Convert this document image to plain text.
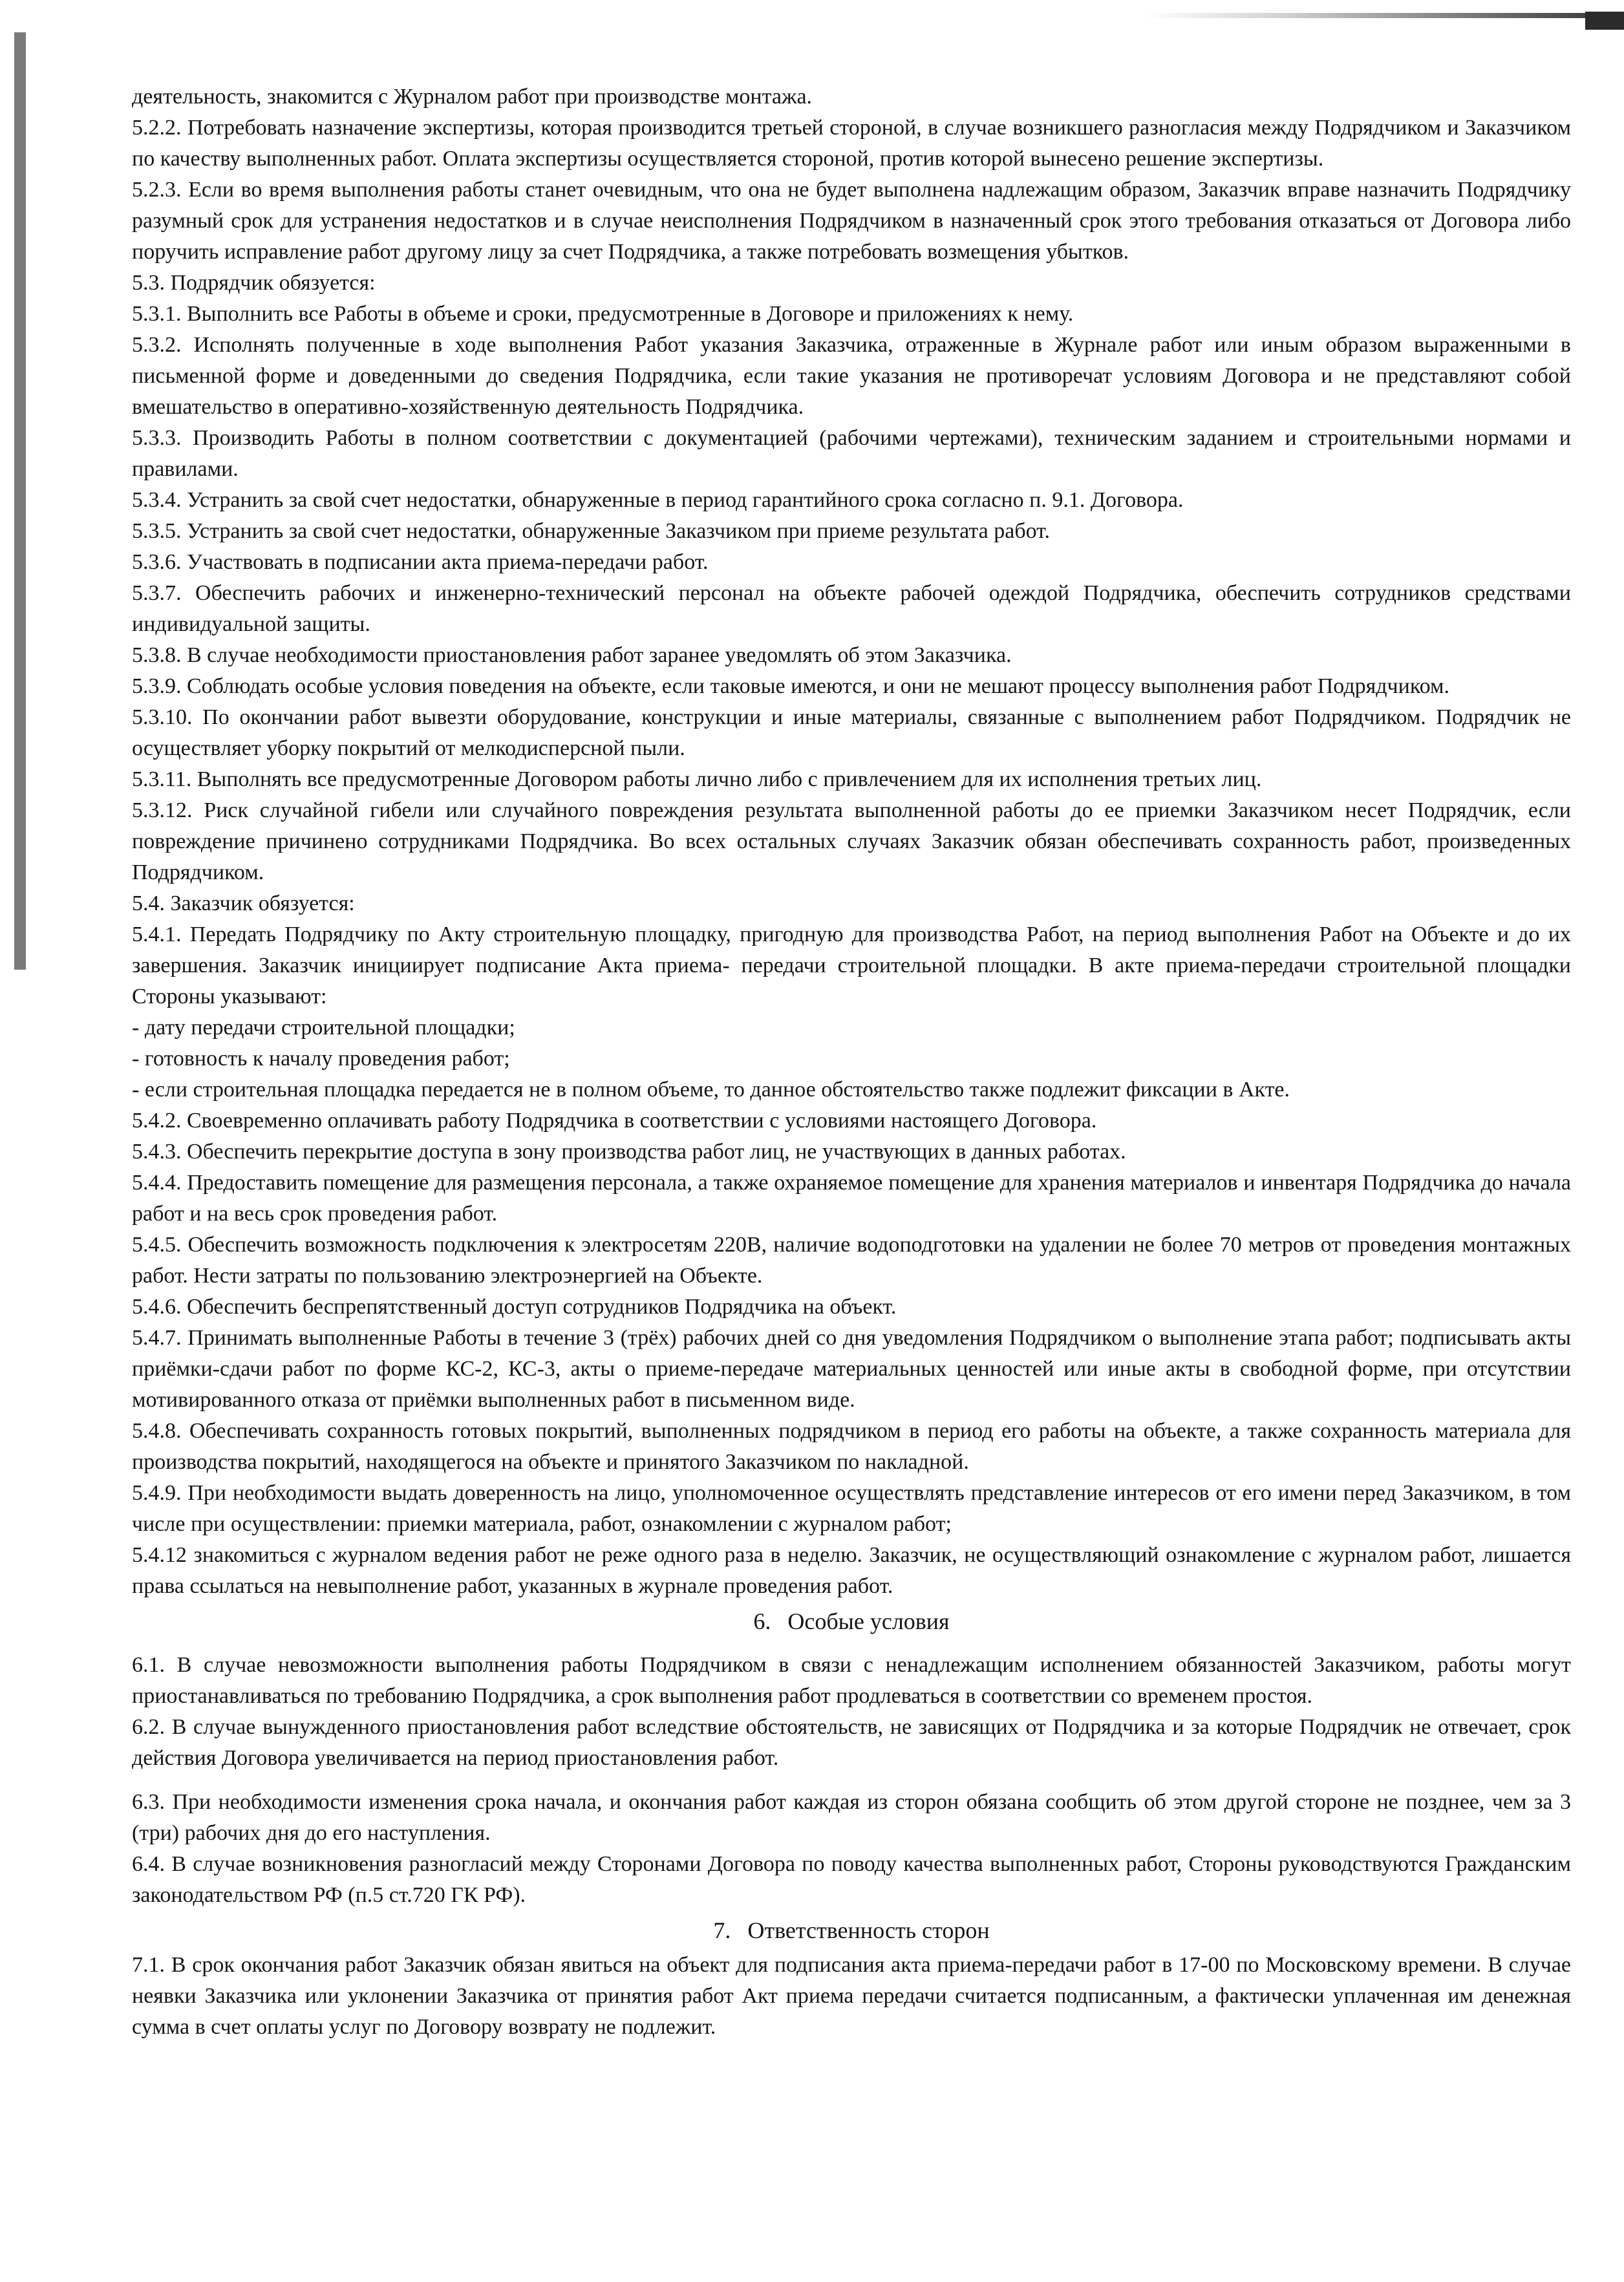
деятельность, знакомится с Журналом работ при производстве монтажа.

5.2.2. Потребовать назначение экспертизы, которая производится третьей стороной, в случае возникшего разногласия между Подрядчиком и Заказчиком по качеству выполненных работ. Оплата экспертизы осуществляется стороной, против которой вынесено решение экспертизы.

5.2.3. Если во время выполнения работы станет очевидным, что она не будет выполнена надлежащим образом, Заказчик вправе назначить Подрядчику разумный срок для устранения недостатков и в случае неисполнения Подрядчиком в назначенный срок этого требования отказаться от Договора либо поручить исправление работ другому лицу за счет Подрядчика, а также потребовать возмещения убытков.

5.3. Подрядчик обязуется:

5.3.1. Выполнить все Работы в объеме и сроки, предусмотренные в Договоре и приложениях к нему.

5.3.2. Исполнять полученные в ходе выполнения Работ указания Заказчика, отраженные в Журнале работ или иным образом выраженными в письменной форме и доведенными до сведения Подрядчика, если такие указания не противоречат условиям Договора и не представляют собой вмешательство в оперативно-хозяйственную деятельность Подрядчика.

5.3.3. Производить Работы в полном соответствии с документацией (рабочими чертежами), техническим заданием и строительными нормами и правилами.

5.3.4. Устранить за свой счет недостатки, обнаруженные в период гарантийного срока согласно п. 9.1. Договора.

5.3.5. Устранить за свой счет недостатки, обнаруженные Заказчиком при приеме результата работ.

5.3.6. Участвовать в подписании акта приема-передачи работ.

5.3.7. Обеспечить рабочих и инженерно-технический персонал на объекте рабочей одеждой Подрядчика, обеспечить сотрудников средствами индивидуальной защиты.

5.3.8. В случае необходимости приостановления работ заранее уведомлять об этом Заказчика.

5.3.9. Соблюдать особые условия поведения на объекте, если таковые имеются, и они не мешают процессу выполнения работ Подрядчиком.

5.3.10. По окончании работ вывезти оборудование, конструкции и иные материалы, связанные с выполнением работ Подрядчиком. Подрядчик не осуществляет уборку покрытий от мелкодисперсной пыли.

5.3.11. Выполнять все предусмотренные Договором работы лично либо с привлечением для их исполнения третьих лиц.

5.3.12. Риск случайной гибели или случайного повреждения результата выполненной работы до ее приемки Заказчиком несет Подрядчик, если повреждение причинено сотрудниками Подрядчика. Во всех остальных случаях Заказчик обязан обеспечивать сохранность работ, произведенных Подрядчиком.

5.4. Заказчик обязуется:

5.4.1. Передать Подрядчику по Акту строительную площадку, пригодную для производства Работ, на период выполнения Работ на Объекте и до их завершения. Заказчик инициирует подписание Акта приема- передачи строительной площадки. В акте приема-передачи строительной площадки Стороны указывают:

- дату передачи строительной площадки;

- готовность к началу проведения работ;

- если строительная площадка передается не в полном объеме, то данное обстоятельство также подлежит фиксации в Акте.

5.4.2. Своевременно оплачивать работу Подрядчика в соответствии с условиями настоящего Договора.

5.4.3. Обеспечить перекрытие доступа в зону производства работ лиц, не участвующих в данных работах.

5.4.4. Предоставить помещение для размещения персонала, а также охраняемое помещение для хранения материалов и инвентаря Подрядчика до начала работ и на весь срок проведения работ.

5.4.5. Обеспечить возможность подключения к электросетям 220В, наличие водоподготовки на удалении не более 70 метров от проведения монтажных работ. Нести затраты по пользованию электроэнергией на Объекте.

5.4.6. Обеспечить беспрепятственный доступ сотрудников Подрядчика на объект.

5.4.7. Принимать выполненные Работы в течение 3 (трёх) рабочих дней со дня уведомления Подрядчиком о выполнение этапа работ; подписывать акты приёмки-сдачи работ по форме КС-2, КС-3, акты о приеме-передаче материальных ценностей или иные акты в свободной форме, при отсутствии мотивированного отказа от приёмки выполненных работ в письменном виде.

5.4.8. Обеспечивать сохранность готовых покрытий, выполненных подрядчиком в период его работы на объекте, а также сохранность материала для производства покрытий, находящегося на объекте и принятого Заказчиком по накладной.

5.4.9. При необходимости выдать доверенность на лицо, уполномоченное осуществлять представление интересов от его имени перед Заказчиком, в том числе при осуществлении: приемки материала, работ, ознакомлении с журналом работ;

5.4.12 знакомиться с журналом ведения работ не реже одного раза в неделю. Заказчик, не осуществляющий ознакомление с журналом работ, лишается права ссылаться на невыполнение работ, указанных в журнале проведения работ.

6. Особые условия

6.1. В случае невозможности выполнения работы Подрядчиком в связи с ненадлежащим исполнением обязанностей Заказчиком, работы могут приостанавливаться по требованию Подрядчика, а срок выполнения работ продлеваться в соответствии со временем простоя.

6.2. В случае вынужденного приостановления работ вследствие обстоятельств, не зависящих от Подрядчика и за которые Подрядчик не отвечает, срок действия Договора увеличивается на период приостановления работ.

6.3. При необходимости изменения срока начала, и окончания работ каждая из сторон обязана сообщить об этом другой стороне не позднее, чем за 3 (три) рабочих дня до его наступления.

6.4. В случае возникновения разногласий между Сторонами Договора по поводу качества выполненных работ, Стороны руководствуются Гражданским законодательством РФ (п.5 ст.720 ГК РФ).

7. Ответственность сторон

7.1. В срок окончания работ Заказчик обязан явиться на объект для подписания акта приема-передачи работ в 17-00 по Московскому времени. В случае неявки Заказчика или уклонении Заказчика от принятия работ Акт приема передачи считается подписанным, а фактически уплаченная им денежная сумма в счет оплаты услуг по Договору возврату не подлежит.
